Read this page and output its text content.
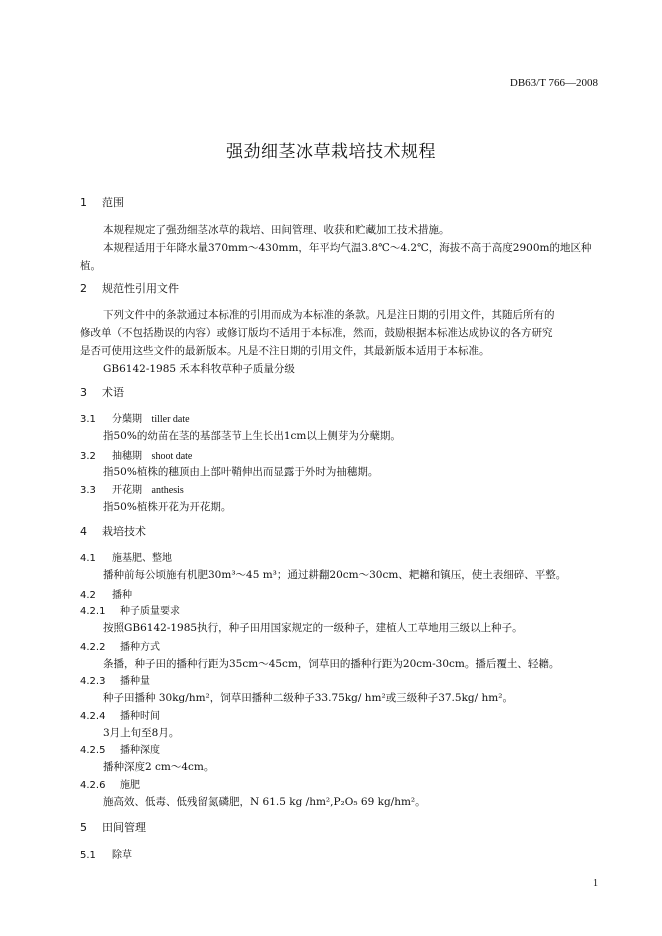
DB63/T 766—2008
强劲细茎冰草栽培技术规程
1 范围
本规程规定了强劲细茎冰草的栽培、田间管理、收获和贮藏加工技术措施。
本规程适用于年降水量370mm～430mm，年平均气温3.8℃～4.2℃，海拔不高于高度2900m的地区种
植。
2 规范性引用文件
下列文件中的条款通过本标准的引用而成为本标准的条款。凡是注日期的引用文件，其随后所有的
修改单（不包括勘误的内容）或修订版均不适用于本标准，然而，鼓励根据本标准达成协议的各方研究
是否可使用这些文件的最新版本。凡是不注日期的引用文件，其最新版本适用于本标准。
GB6142-1985 禾本科牧草种子质量分级
3 术语
3.1 分蘖期 tiller date
指50%的幼苗在茎的基部茎节上生长出1cm以上侧芽为分蘖期。
3.2 抽穗期 shoot date
指50%植株的穗顶由上部叶鞘伸出而显露于外时为抽穗期。
3.3 开花期 anthesis
指50%植株开花为开花期。
4 栽培技术
4.1 施基肥、整地
播种前每公顷施有机肥30m³～45 m³；通过耕翻20cm～30cm、耙耱和镇压，使土表细碎、平整。
4.2 播种
4.2.1 种子质量要求
按照GB6142-1985执行，种子田用国家规定的一级种子，建植人工草地用三级以上种子。
4.2.2 播种方式
条播，种子田的播种行距为35cm～45cm，饲草田的播种行距为20cm-30cm。播后覆土、轻耱。
4.2.3 播种量
种子田播种 30kg/hm²，饲草田播种二级种子33.75kg/ hm²或三级种子37.5kg/ hm²。
4.2.4 播种时间
3月上旬至8月。
4.2.5 播种深度
播种深度2 cm～4cm。
4.2.6 施肥
施高效、低毒、低残留氮磷肥，N 61.5 kg /hm²,P₂O₅ 69 kg/hm²。
5 田间管理
5.1 除草
1
